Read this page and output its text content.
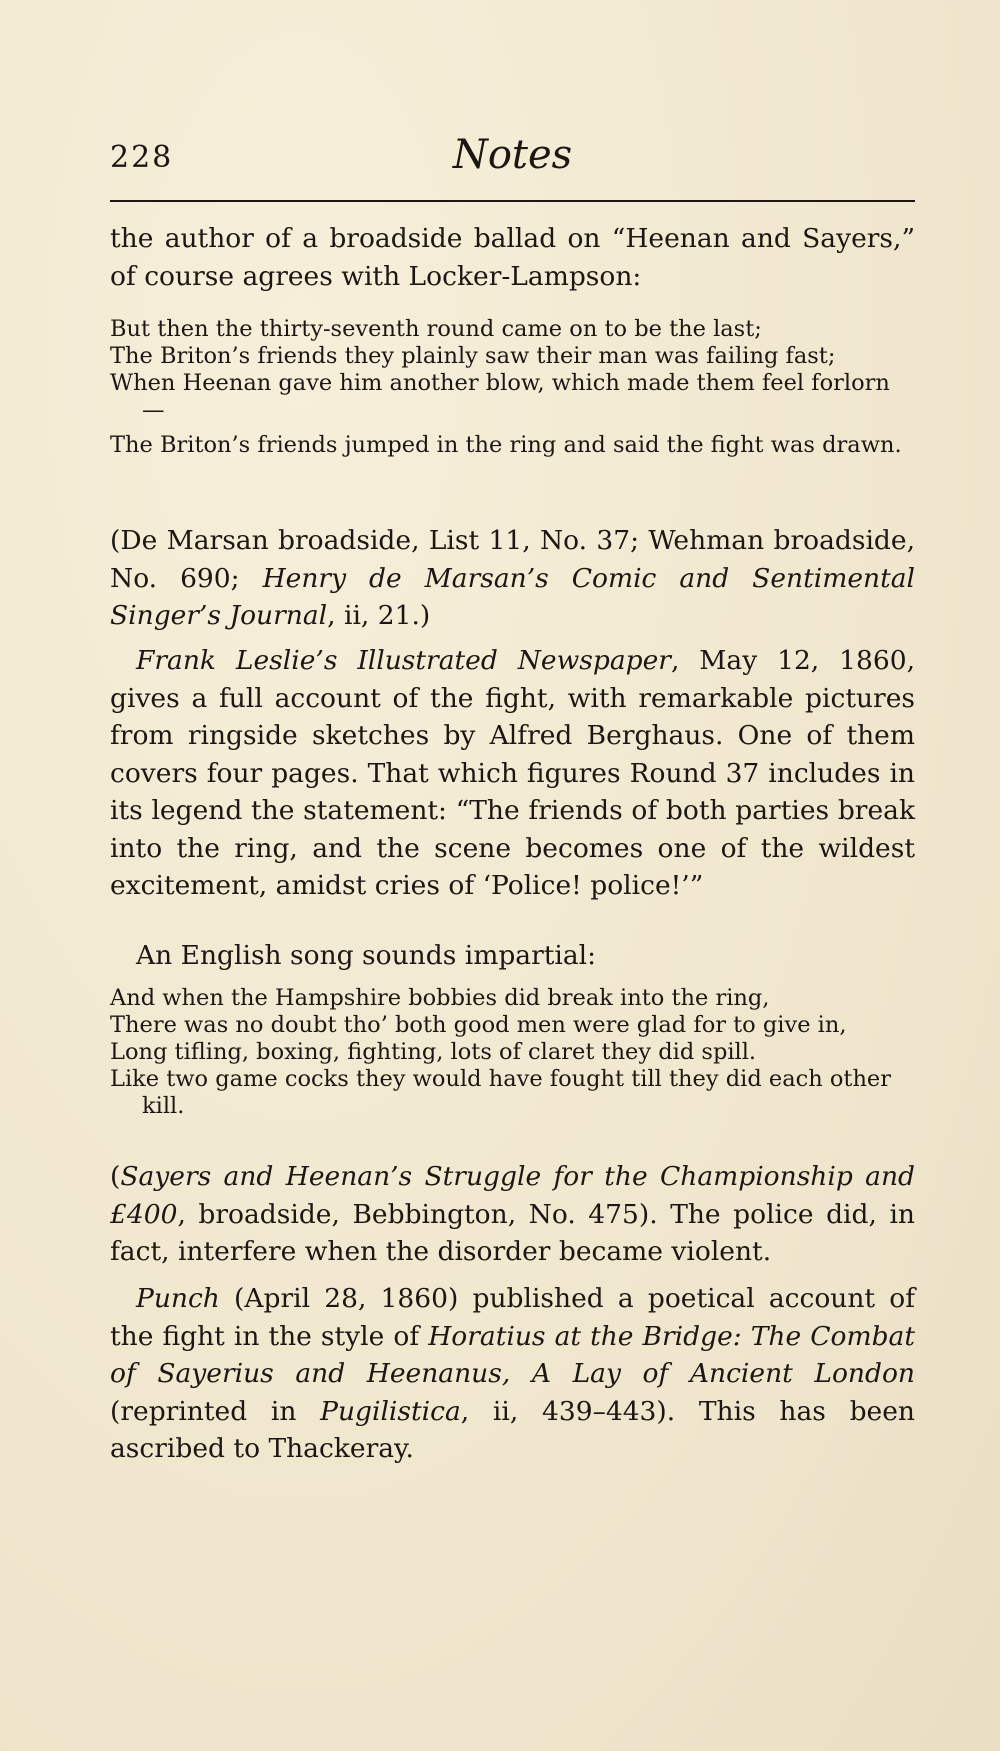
228	Notes

the author of a broadside ballad on “Heenan and Sayers,” of course agrees with Locker-Lampson:

But then the thirty-seventh round came on to be the last;
The Briton’s friends they plainly saw their man was failing fast;
When Heenan gave him another blow, which made them feel forlorn —
The Briton’s friends jumped in the ring and said the fight was drawn.

(De Marsan broadside, List 11, No. 37; Wehman broadside, No. 690; Henry de Marsan’s Comic and Sentimental Singer’s Journal, ii, 21.)

Frank Leslie’s Illustrated Newspaper, May 12, 1860, gives a full account of the fight, with remarkable pictures from ringside sketches by Alfred Berghaus. One of them covers four pages. That which figures Round 37 includes in its legend the statement: “The friends of both parties break into the ring, and the scene becomes one of the wildest excitement, amidst cries of ‘Police! police!’”

An English song sounds impartial:

And when the Hampshire bobbies did break into the ring,
There was no doubt tho’ both good men were glad for to give in,
Long tifling, boxing, fighting, lots of claret they did spill.
Like two game cocks they would have fought till they did each other kill.

(Sayers and Heenan’s Struggle for the Championship and £400, broadside, Bebbington, No. 475). The police did, in fact, interfere when the disorder became violent.

Punch (April 28, 1860) published a poetical account of the fight in the style of Horatius at the Bridge: The Combat of Sayerius and Heenanus, A Lay of Ancient London (reprinted in Pugilistica, ii, 439–443). This has been ascribed to Thackeray.
